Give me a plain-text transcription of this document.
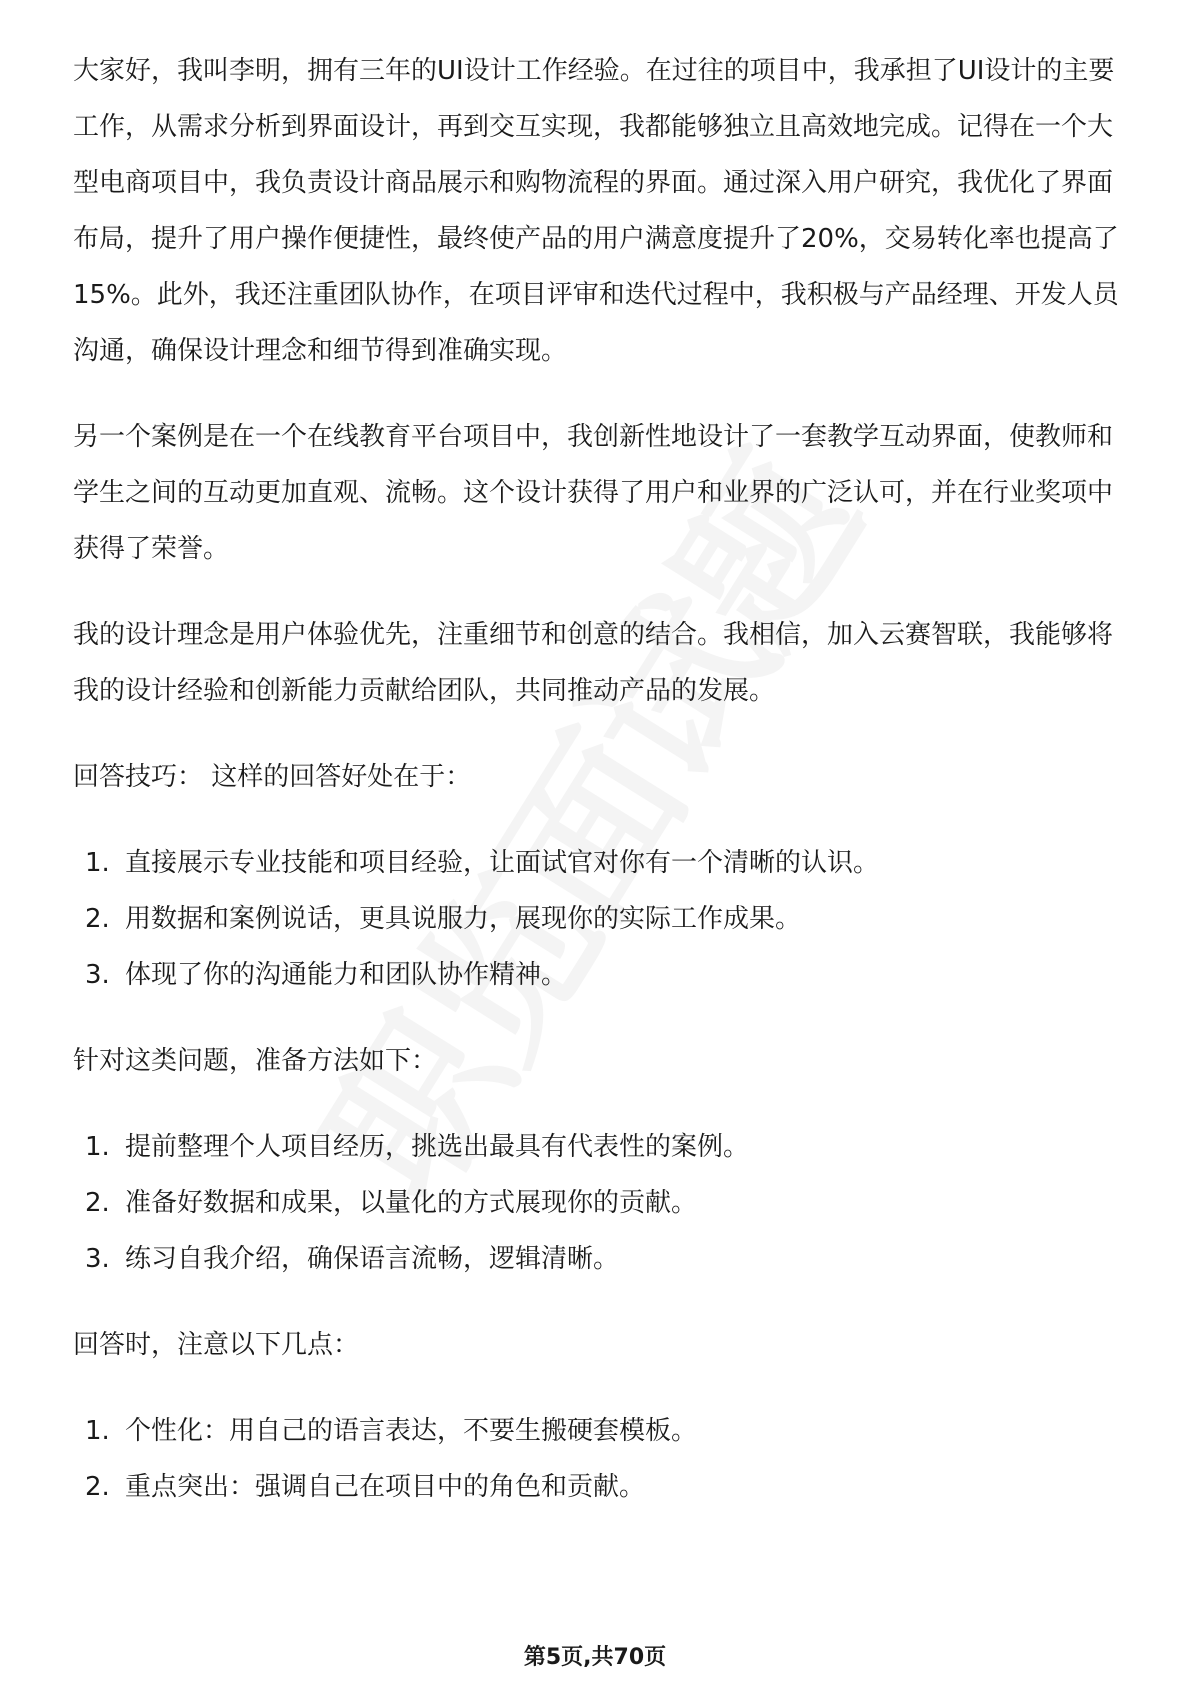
大家好，我叫李明，拥有三年的UI设计工作经验。在过往的项目中，我承担了UI设计的主要工作，从需求分析到界面设计，再到交互实现，我都能够独立且高效地完成。记得在一个大型电商项目中，我负责设计商品展示和购物流程的界面。通过深入用户研究，我优化了界面布局，提升了用户操作便捷性，最终使产品的用户满意度提升了20%，交易转化率也提高了15%。此外，我还注重团队协作，在项目评审和迭代过程中，我积极与产品经理、开发人员沟通，确保设计理念和细节得到准确实现。

另一个案例是在一个在线教育平台项目中，我创新性地设计了一套教学互动界面，使教师和学生之间的互动更加直观、流畅。这个设计获得了用户和业界的广泛认可，并在行业奖项中获得了荣誉。

我的设计理念是用户体验优先，注重细节和创意的结合。我相信，加入云赛智联，我能够将我的设计经验和创新能力贡献给团队，共同推动产品的发展。

回答技巧： 这样的回答好处在于：

1. 直接展示专业技能和项目经验，让面试官对你有一个清晰的认识。
2. 用数据和案例说话，更具说服力，展现你的实际工作成果。
3. 体现了你的沟通能力和团队协作精神。

针对这类问题，准备方法如下：

1. 提前整理个人项目经历，挑选出最具有代表性的案例。
2. 准备好数据和成果，以量化的方式展现你的贡献。
3. 练习自我介绍，确保语言流畅，逻辑清晰。

回答时，注意以下几点：

1. 个性化：用自己的语言表达，不要生搬硬套模板。
2. 重点突出：强调自己在项目中的角色和贡献。
第5页,共70页
